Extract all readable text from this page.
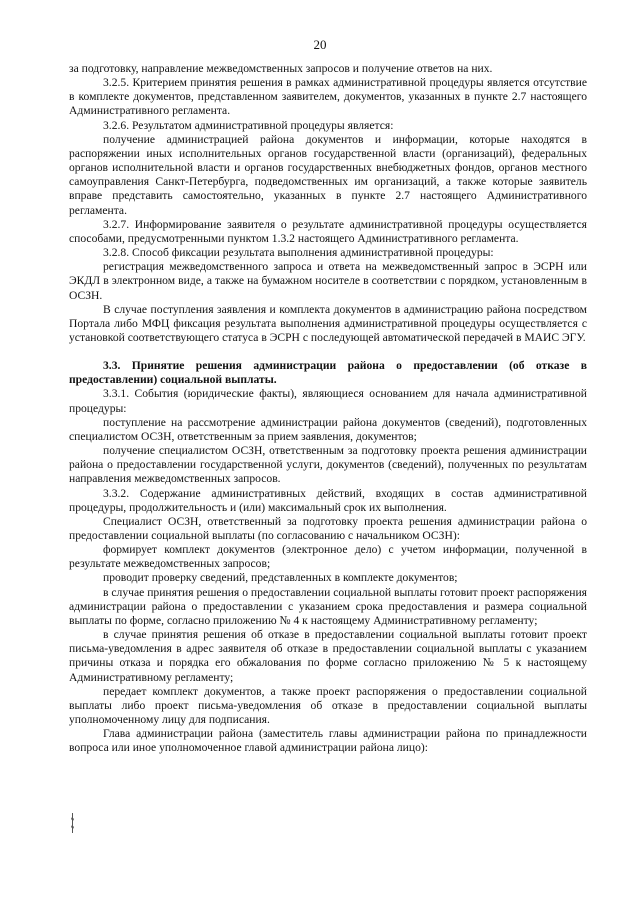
20

за подготовку, направление межведомственных запросов и получение ответов на них.

3.2.5. Критерием принятия решения в рамках административной процедуры является отсутствие в комплекте документов, представленном заявителем, документов, указанных в пункте 2.7 настоящего Административного регламента.

3.2.6. Результатом административной процедуры является:

получение администрацией района документов и информации, которые находятся в распоряжении иных исполнительных органов государственной власти (организаций), федеральных органов исполнительной власти и органов государственных внебюджетных фондов, органов местного самоуправления Санкт-Петербурга, подведомственных им организаций, а также которые заявитель вправе представить самостоятельно, указанных в пункте 2.7 настоящего Административного регламента.

3.2.7. Информирование заявителя о результате административной процедуры осуществляется способами, предусмотренными пунктом 1.3.2 настоящего Административного регламента.

3.2.8. Способ фиксации результата выполнения административной процедуры:

регистрация межведомственного запроса и ответа на межведомственный запрос в ЭСРН или ЭКДЛ в электронном виде, а также на бумажном носителе в соответствии с порядком, установленным в ОСЗН.

В случае поступления заявления и комплекта документов в администрацию района посредством Портала либо МФЦ фиксация результата выполнения административной процедуры осуществляется с установкой соответствующего статуса в ЭСРН с последующей автоматической передачей в МАИС ЭГУ.

3.3. Принятие решения администрации района о предоставлении (об отказе в предоставлении) социальной выплаты.

3.3.1. События (юридические факты), являющиеся основанием для начала административной процедуры:

поступление на рассмотрение администрации района документов (сведений), подготовленных специалистом ОСЗН, ответственным за прием заявления, документов;

получение специалистом ОСЗН, ответственным за подготовку проекта решения администрации района о предоставлении государственной услуги, документов (сведений), полученных по результатам направления межведомственных запросов.

3.3.2. Содержание административных действий, входящих в состав административной процедуры, продолжительность и (или) максимальный срок их выполнения.

Специалист ОСЗН, ответственный за подготовку проекта решения администрации района о предоставлении социальной выплаты (по согласованию с начальником ОСЗН):

формирует комплект документов (электронное дело) с учетом информации, полученной в результате межведомственных запросов;

проводит проверку сведений, представленных в комплекте документов;

в случае принятия решения о предоставлении социальной выплаты готовит проект распоряжения администрации района о предоставлении с указанием срока предоставления и размера социальной выплаты по форме, согласно приложению № 4 к настоящему Административному регламенту;

в случае принятия решения об отказе в предоставлении социальной выплаты готовит проект письма-уведомления в адрес заявителя об отказе в предоставлении социальной выплаты с указанием причины отказа и порядка его обжалования по форме согласно приложению № 5 к настоящему Административному регламенту;

передает комплект документов, а также проект распоряжения о предоставлении социальной выплаты либо проект письма-уведомления об отказе в предоставлении социальной выплаты уполномоченному лицу для подписания.

Глава администрации района (заместитель главы администрации района по принадлежности вопроса или иное уполномоченное главой администрации района лицо):
